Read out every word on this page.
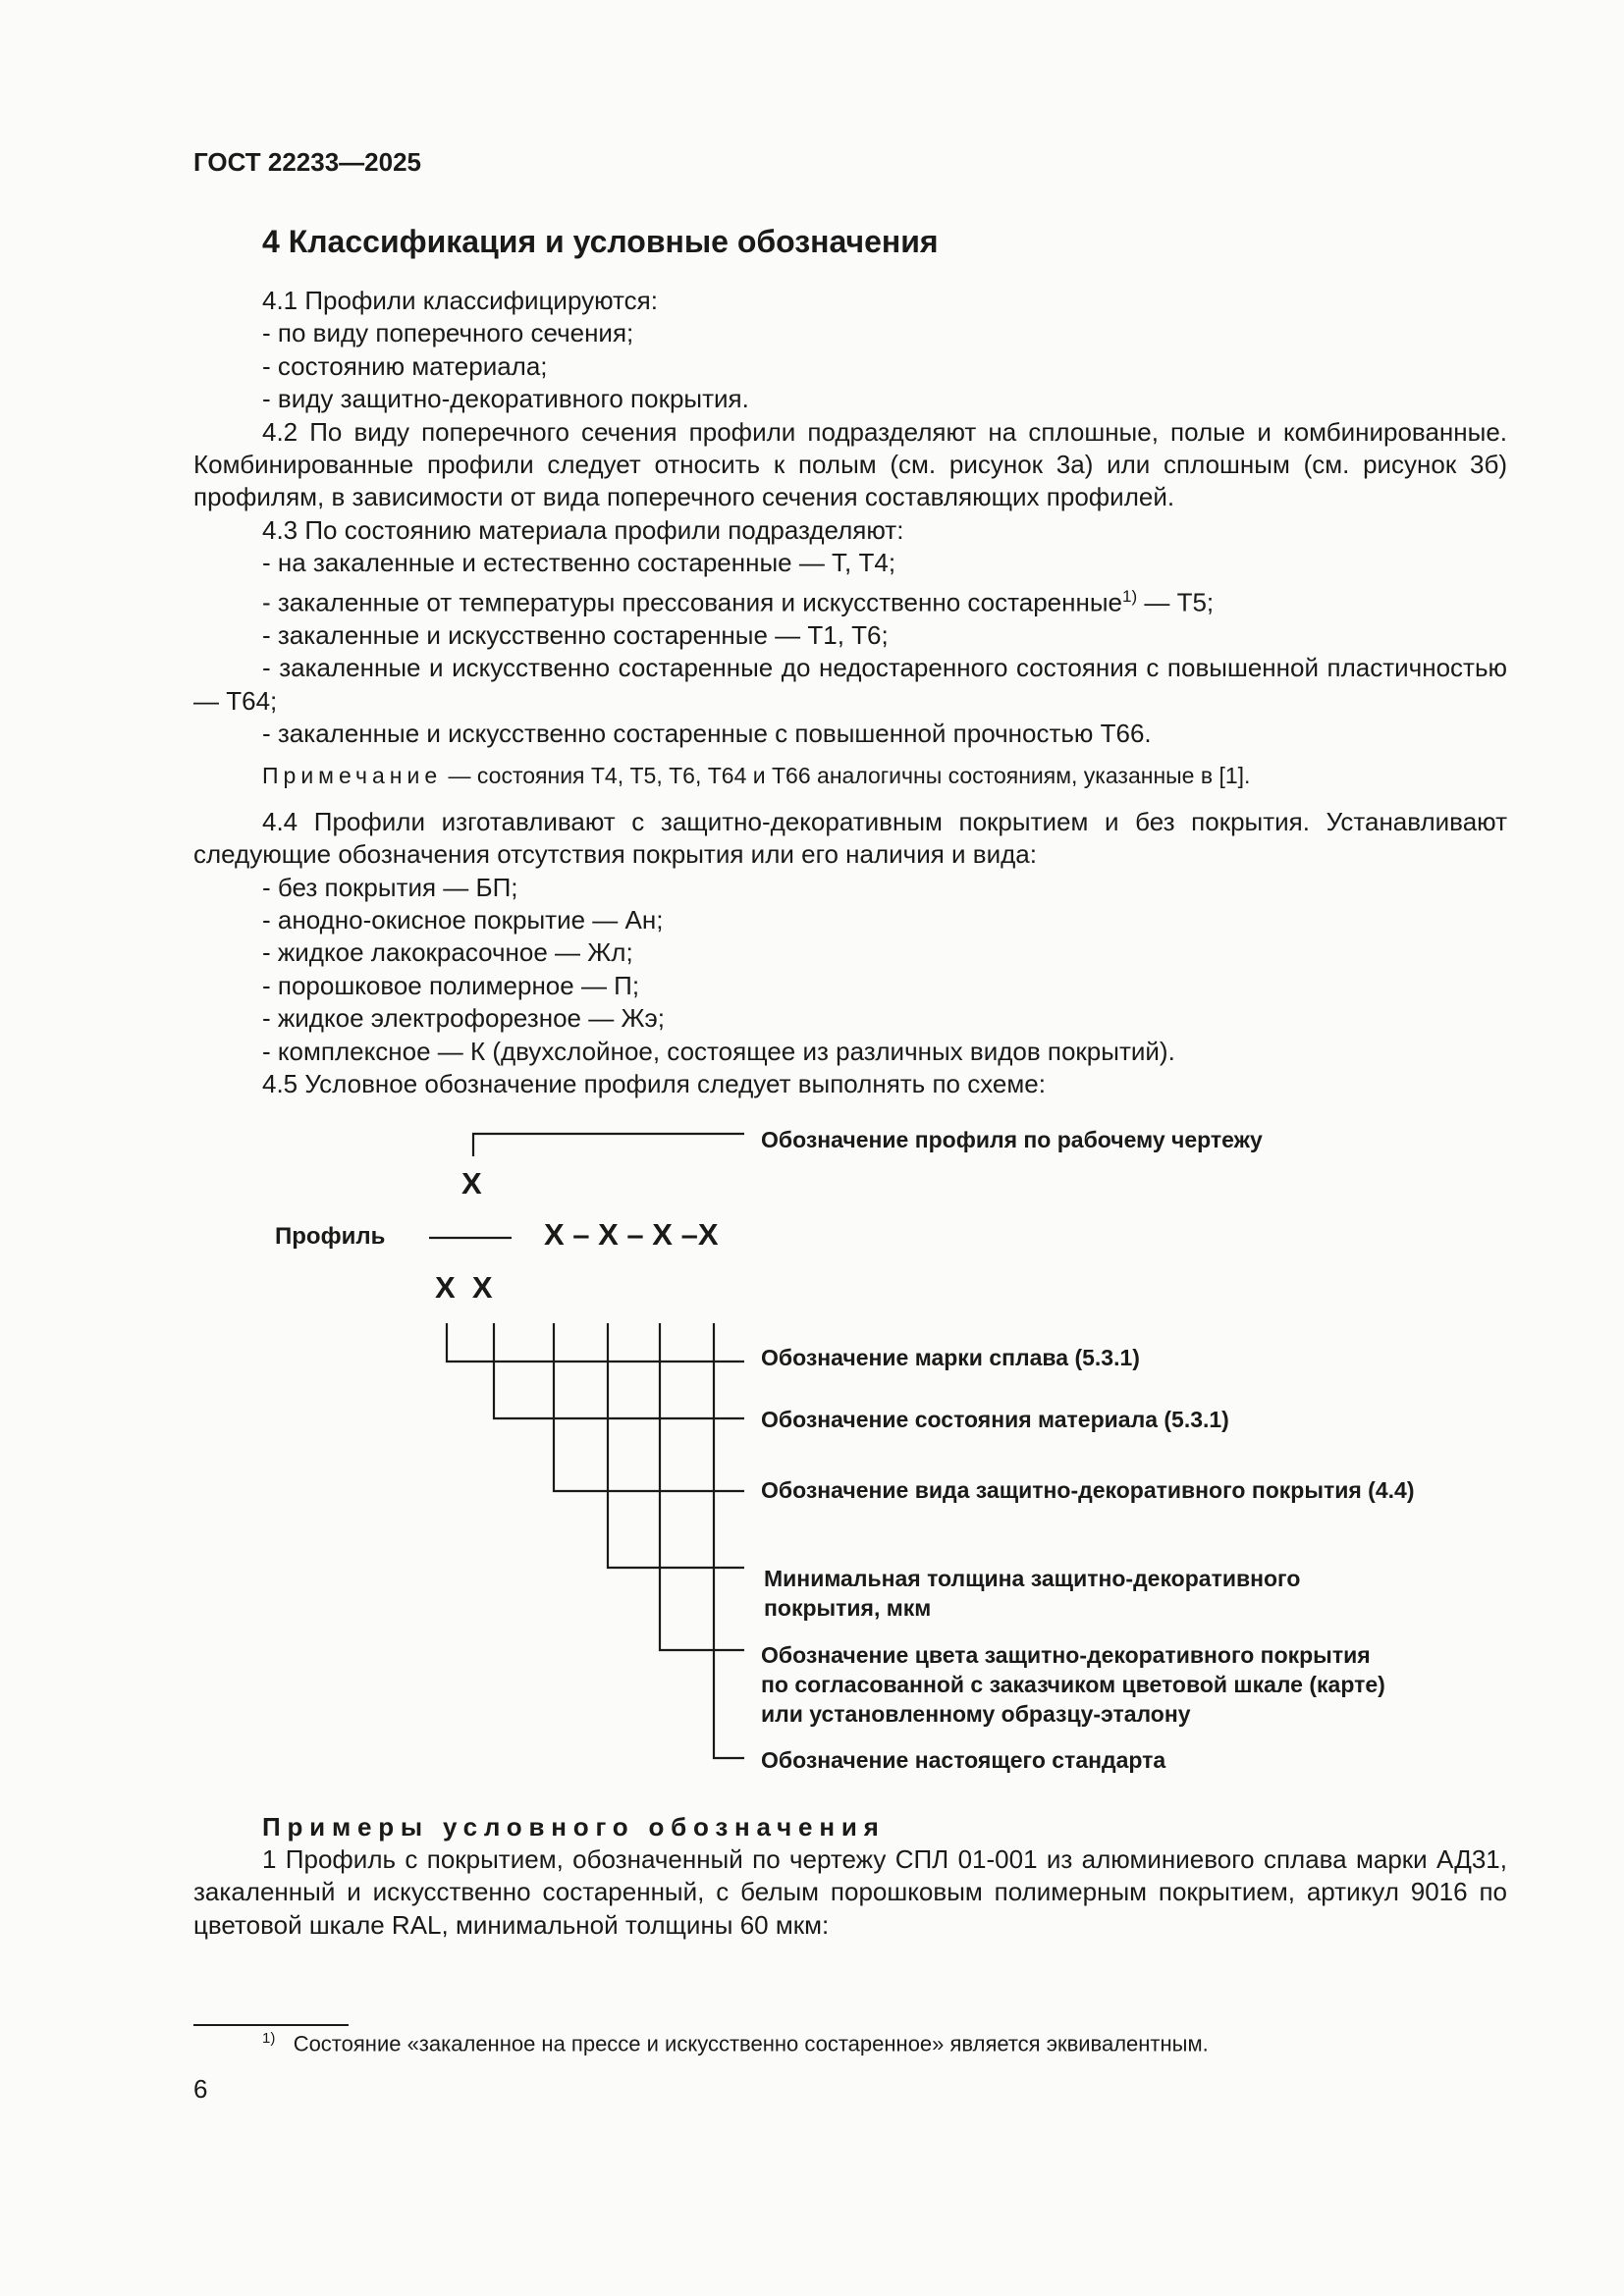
ГОСТ 22233—2025
4 Классификация и условные обозначения

4.1 Профили классифицируются:

- по виду поперечного сечения;

- состоянию материала;

- виду защитно-декоративного покрытия.

4.2 По виду поперечного сечения профили подразделяют на сплошные, полые и комбинированные. Комбинированные профили следует относить к полым (см. рисунок 3а) или сплошным (см. рисунок 3б) профилям, в зависимости от вида поперечного сечения составляющих профилей.

4.3 По состоянию материала профили подразделяют:

- на закаленные и естественно состаренные — Т, Т4;

- закаленные от температуры прессования и искусственно состаренные$^{1)}$ — Т5;

- закаленные и искусственно состаренные — Т1, Т6;

- закаленные и искусственно состаренные до недостаренного состояния с повышенной пластичностью — Т64;

- закаленные и искусственно состаренные с повышенной прочностью Т66.

Примечание — состояния Т4, Т5, Т6, Т64 и Т66 аналогичны состояниям, указанные в [1].

4.4 Профили изготавливают с защитно-декоративным покрытием и без покрытия. Устанавливают следующие обозначения отсутствия покрытия или его наличия и вида:

- без покрытия — БП;

- анодно-окисное покрытие — Ан;

- жидкое лакокрасочное — Жл;

- порошковое полимерное — П;

- жидкое электрофорезное — Жэ;

- комплексное — К (двухслойное, состоящее из различных видов покрытий).

4.5 Условное обозначение профиля следует выполнять по схеме:

X
Профиль	X – X – X –X
X  X
Обозначение профиля по рабочему чертежу
Обозначение марки сплава (5.3.1)
Обозначение состояния материала (5.3.1)
Обозначение вида защитно-декоративного покрытия (4.4)
Минимальная толщина защитно-декоративного
покрытия, мкм
Обозначение цвета защитно-декоративного покрытия
по согласованной с заказчиком цветовой шкале (карте)
или установленному образцу-эталону
Обозначение настоящего стандарта
Примеры условного обозначения

1 Профиль с покрытием, обозначенный по чертежу СПЛ 01-001 из алюминиевого сплава марки АД31, закаленный и искусственно состаренный, с белым порошковым полимерным покрытием, артикул 9016 по цветовой шкале RAL, минимальной толщины 60 мкм:

$^{1)}$ Состояние «закаленное на прессе и искусственно состаренное» является эквивалентным.
6
